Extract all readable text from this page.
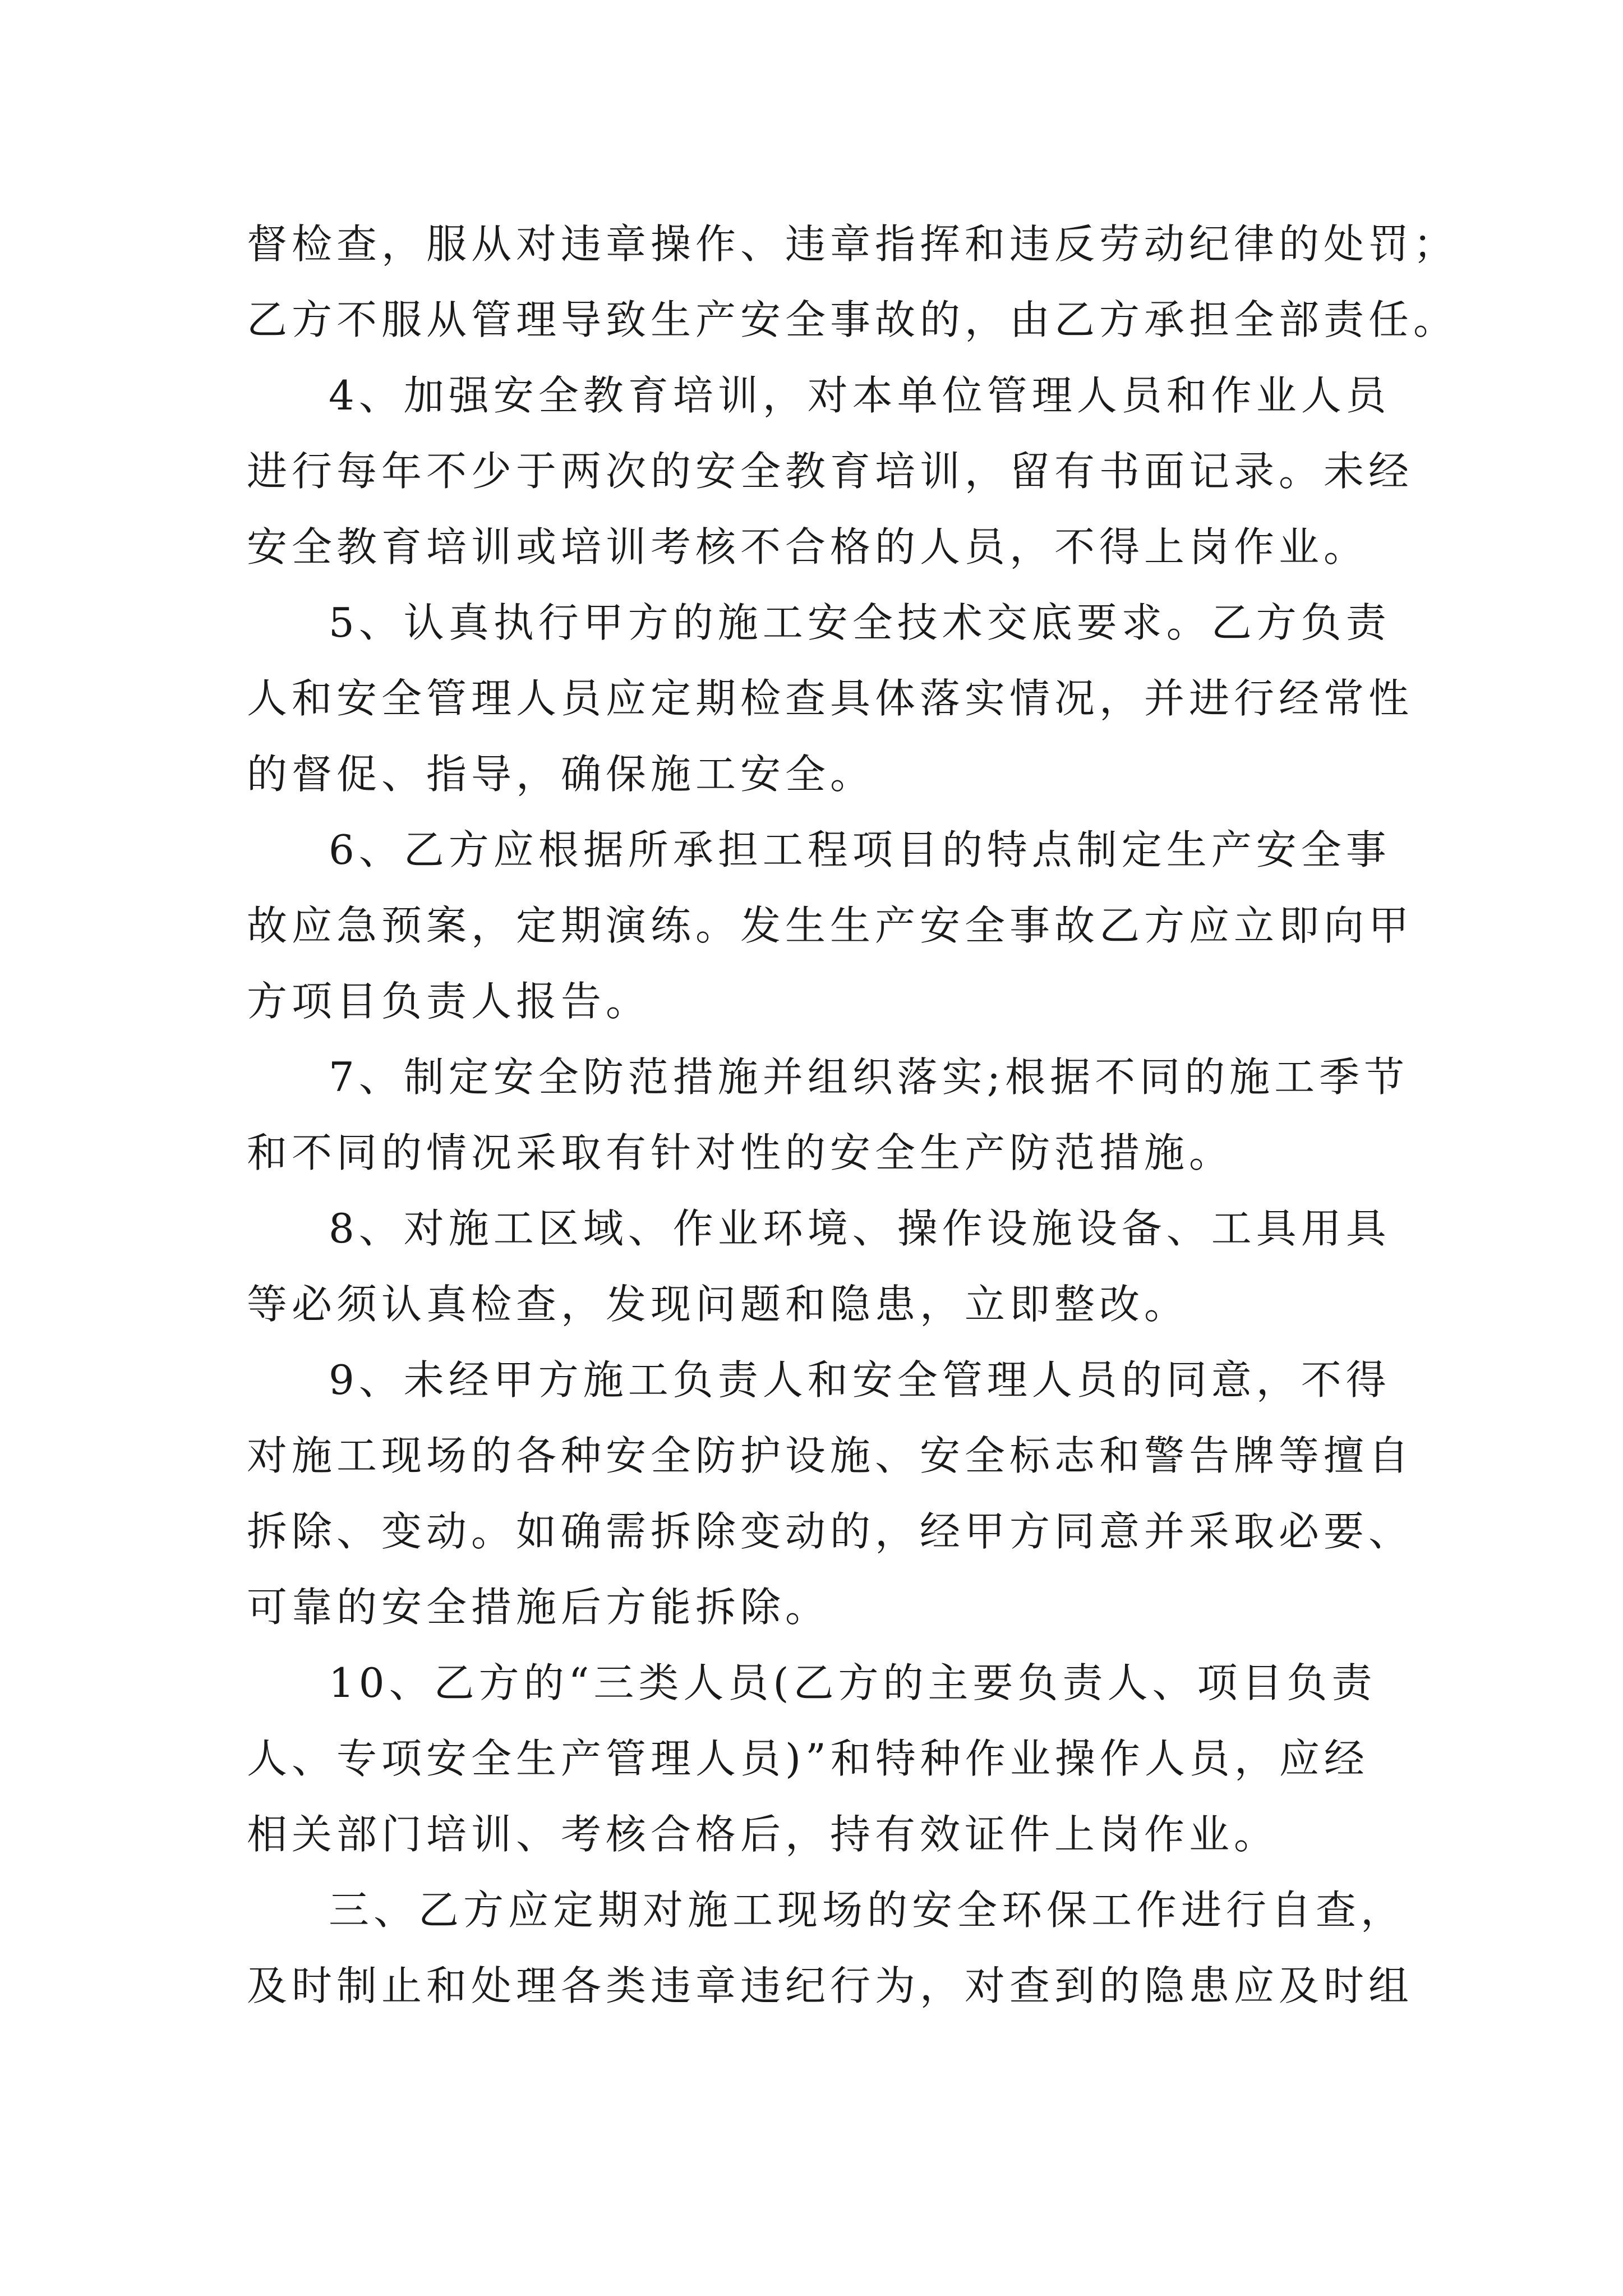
督检查，服从对违章操作、违章指挥和违反劳动纪律的处罚；
乙方不服从管理导致生产安全事故的，由乙方承担全部责任。
4、加强安全教育培训，对本单位管理人员和作业人员
进行每年不少于两次的安全教育培训，留有书面记录。未经
安全教育培训或培训考核不合格的人员，不得上岗作业。
5、认真执行甲方的施工安全技术交底要求。乙方负责
人和安全管理人员应定期检查具体落实情况，并进行经常性
的督促、指导，确保施工安全。
6、乙方应根据所承担工程项目的特点制定生产安全事
故应急预案，定期演练。发生生产安全事故乙方应立即向甲
方项目负责人报告。
7、制定安全防范措施并组织落实;根据不同的施工季节
和不同的情况采取有针对性的安全生产防范措施。
8、对施工区域、作业环境、操作设施设备、工具用具
等必须认真检查，发现问题和隐患，立即整改。
9、未经甲方施工负责人和安全管理人员的同意，不得
对施工现场的各种安全防护设施、安全标志和警告牌等擅自
拆除、变动。如确需拆除变动的，经甲方同意并采取必要、
可靠的安全措施后方能拆除。
10、乙方的“三类人员(乙方的主要负责人、项目负责
人、专项安全生产管理人员)”和特种作业操作人员，应经
相关部门培训、考核合格后，持有效证件上岗作业。
三、乙方应定期对施工现场的安全环保工作进行自查，
及时制止和处理各类违章违纪行为，对查到的隐患应及时组
